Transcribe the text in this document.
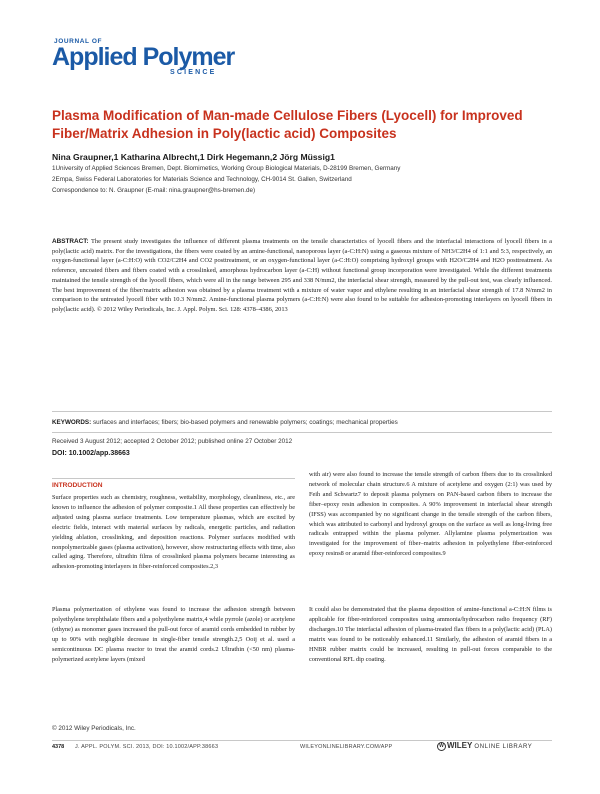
JOURNAL OF
Applied Polymer
SCIENCE
Plasma Modification of Man-made Cellulose Fibers (Lyocell) for Improved Fiber/Matrix Adhesion in Poly(lactic acid) Composites
Nina Graupner,1 Katharina Albrecht,1 Dirk Hegemann,2 Jörg Müssig1
1University of Applied Sciences Bremen, Dept. Biomimetics, Working Group Biological Materials, D-28199 Bremen, Germany
2Empa, Swiss Federal Laboratories for Materials Science and Technology, CH-9014 St. Gallen, Switzerland
Correspondence to: N. Graupner (E-mail: nina.graupner@hs-bremen.de)
ABSTRACT: The present study investigates the influence of different plasma treatments on the tensile characteristics of lyocell fibers and the interfacial interactions of lyocell fibers in a poly(lactic acid) matrix. For the investigations, the fibers were coated by an amine-functional, nanoporous layer (a-C:H:N) using a gaseous mixture of NH3/C2H4 of 1:1 and 5:3, respectively, an oxygen-functional layer (a-C:H:O) with CO2/C2H4 and CO2 posttreatment, or an oxygen-functional layer (a-C:H:O) comprising hydroxyl groups with H2O/C2H4 and H2O posttreatment. As reference, uncoated fibers and fibers coated with a crosslinked, amorphous hydrocarbon layer (a-C:H) without functional group incorporation were investigated. While the different treatments maintained the tensile strength of the lyocell fibers, which were all in the range between 295 and 338 N/mm2, the interfacial shear strength, measured by the pull-out test, was clearly influenced. The best improvement of the fiber/matrix adhesion was obtained by a plasma treatment with a mixture of water vapor and ethylene resulting in an interfacial shear strength of 17.8 N/mm2 in comparison to the untreated lyocell fiber with 10.3 N/mm2. Amine-functional plasma polymers (a-C:H:N) were also found to be suitable for adhesion-promoting interlayers on lyocell fibers in poly(lactic acid). © 2012 Wiley Periodicals, Inc. J. Appl. Polym. Sci. 128: 4378–4386, 2013
KEYWORDS: surfaces and interfaces; fibers; bio-based polymers and renewable polymers; coatings; mechanical properties
Received 3 August 2012; accepted 2 October 2012; published online 27 October 2012
DOI: 10.1002/app.38663
INTRODUCTION
Surface properties such as chemistry, roughness, wettability, morphology, cleanliness, etc., are known to influence the adhesion of polymer composite.1 All these properties can effectively be adjusted using plasma surface treatments. Low temperature plasmas, which are excited by electric fields, interact with material surfaces by radicals, energetic particles, and radiation yielding ablation, crosslinking, and deposition reactions. Polymer surfaces modified with nonpolymerizable gases (plasma activation), however, show restructuring effects with time, also called aging. Therefore, ultrathin films of crosslinked plasma polymers became interesting as adhesion-promoting interlayers in fiber-reinforced composites.2,3
Plasma polymerization of ethylene was found to increase the adhesion strength between polyethylene terephthalate fibers and a polyethylene matrix,4 while pyrrole (azole) or acetylene (ethyne) as monomer gases increased the pull-out force of aramid cords embedded in rubber by up to 90% with negligible decrease in single-fiber tensile strength.2,5 Ooij et al. used a semicontinuous DC plasma reactor to treat the aramid cords.2 Ultrathin (<50 nm) plasma-polymerized acetylene layers (mixed
with air) were also found to increase the tensile strength of carbon fibers due to its crosslinked network of molecular chain structure.6 A mixture of acetylene and oxygen (2:1) was used by Feih and Schwartz7 to deposit plasma polymers on PAN-based carbon fibers to increase the fiber–epoxy resin adhesion in composites. A 90% improvement in interfacial shear strength (IFSS) was accompanied by no significant change in the tensile strength of the carbon fibers, which was attributed to carbonyl and hydroxyl groups on the surface as well as long-living free radicals entrapped within the plasma polymer. Allylamine plasma polymerization was investigated for the improvement of fiber–matrix adhesion in polyethylene fiber-reinforced epoxy resins8 or aramid fiber-reinforced composites.9
It could also be demonstrated that the plasma deposition of amine-functional a-C:H:N films is applicable for fiber-reinforced composites using ammonia/hydrocarbon radio frequency (RF) discharges.10 The interfacial adhesion of plasma-treated flax fibers in a poly(lactic acid) (PLA) matrix was found to be noticeably enhanced.11 Similarly, the adhesion of aramid fibers in a HNBR rubber matrix could be increased, resulting in pull-out forces comparable to the conventional RFL dip coating.
© 2012 Wiley Periodicals, Inc.
4378 J. APPL. POLYM. SCI. 2013, DOI: 10.1002/APP.38663	WILEYONLINELIBRARY.COM/APP	W WILEY ONLINE LIBRARY
